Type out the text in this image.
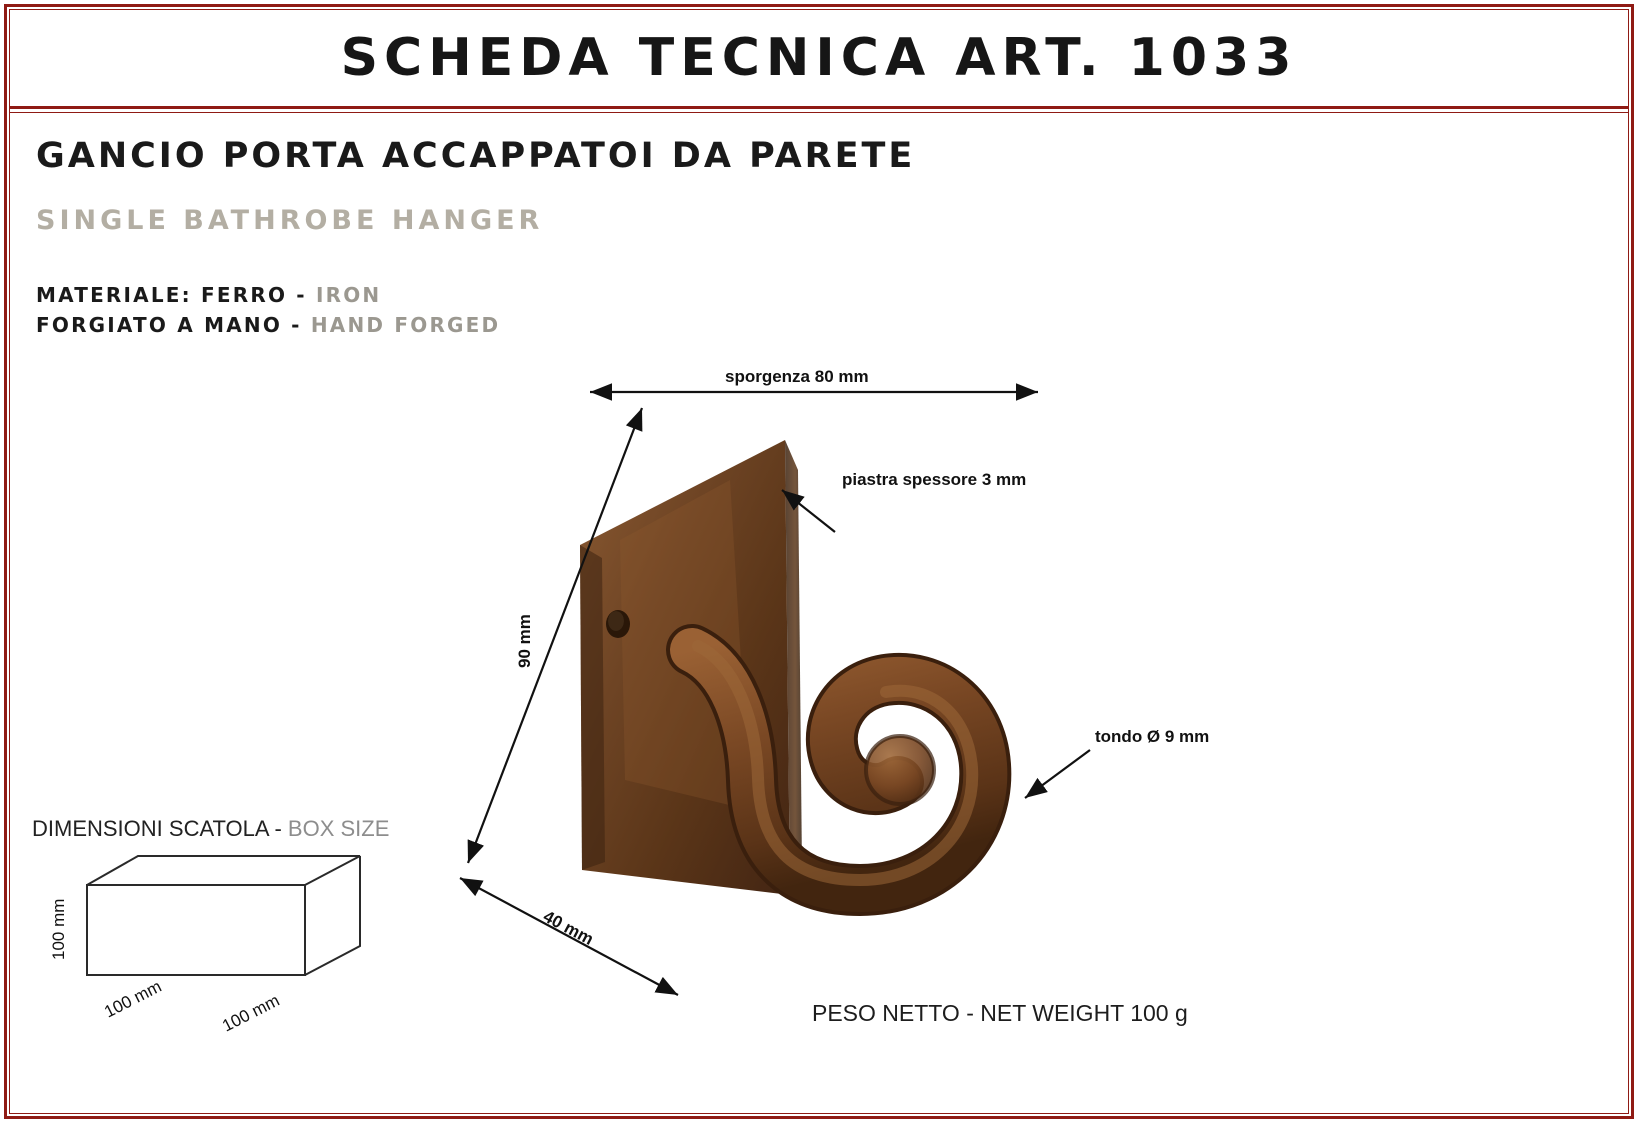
SCHEDA TECNICA ART. 1033
GANCIO PORTA ACCAPPATOI DA PARETE
SINGLE BATHROBE HANGER
MATERIALE: FERRO - IRON
FORGIATO A MANO - HAND FORGED
DIMENSIONI SCATOLA - BOX SIZE
100 mm
100 mm	100 mm
sporgenza 80 mm
piastra spessore 3 mm
tondo Ø 9 mm
90 mm
40 mm
PESO NETTO - NET WEIGHT 100 g
